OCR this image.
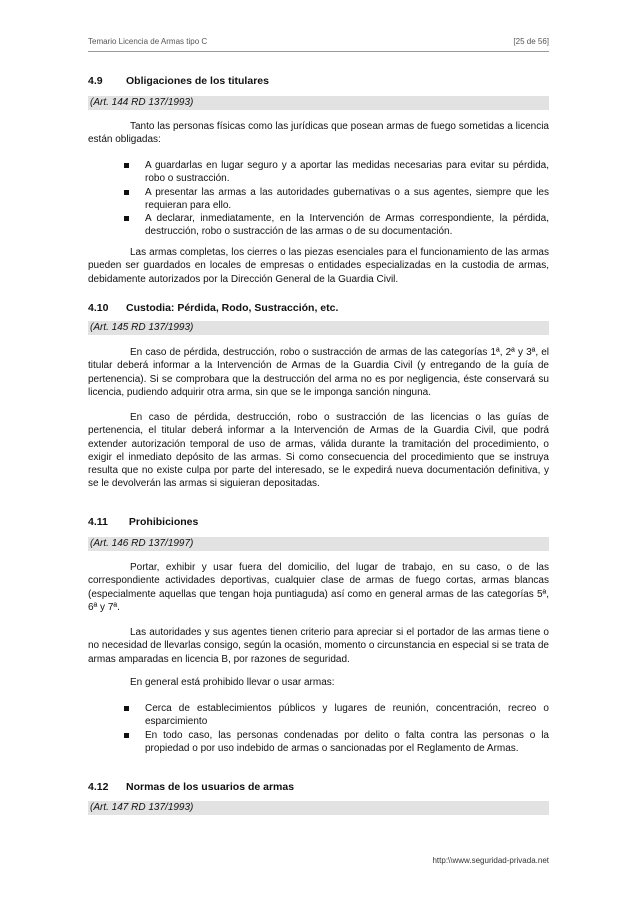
Temario Licencia de Armas tipo C	[25 de 56]
4.9 Obligaciones de los titulares
(Art. 144 RD 137/1993)
Tanto las personas físicas como las jurídicas que posean armas de fuego sometidas a licencia están obligadas:
A guardarlas en lugar seguro y a aportar las medidas necesarias para evitar su pérdida, robo o sustracción.
A presentar las armas a las autoridades gubernativas o a sus agentes, siempre que les requieran para ello.
A declarar, inmediatamente, en la Intervención de Armas correspondiente, la pérdida, destrucción, robo o sustracción de las armas o de su documentación.
Las armas completas, los cierres o las piezas esenciales para el funcionamiento de las armas pueden ser guardados en locales de empresas o entidades especializadas en la custodia de armas, debidamente autorizados por la Dirección General de la Guardia Civil.
4.10 Custodia: Pérdida, Rodo, Sustracción, etc.
(Art. 145 RD 137/1993)
En caso de pérdida, destrucción, robo o sustracción de armas de las categorías 1ª, 2ª y 3ª, el titular deberá informar a la Intervención de Armas de la Guardia Civil (y entregando de la guía de pertenencia). Si se comprobara que la destrucción del arma no es por negligencia, éste conservará su licencia, pudiendo adquirir otra arma, sin que se le imponga sanción ninguna.
En caso de pérdida, destrucción, robo o sustracción de las licencias o las guías de pertenencia, el titular deberá informar a la Intervención de Armas de la Guardia Civil, que podrá extender autorización temporal de uso de armas, válida durante la tramitación del procedimiento, o exigir el inmediato depósito de las armas. Si como consecuencia del procedimiento que se instruya resulta que no existe culpa por parte del interesado, se le expedirá nueva documentación definitiva, y se le devolverán las armas si siguieran depositadas.
4.11 Prohibiciones
(Art. 146 RD 137/1997)
Portar, exhibir y usar fuera del domicilio, del lugar de trabajo, en su caso, o de las correspondiente actividades deportivas, cualquier clase de armas de fuego cortas, armas blancas (especialmente aquellas que tengan hoja puntiaguda) así como en general armas de las categorías 5ª, 6ª y 7ª.
Las autoridades y sus agentes tienen criterio para apreciar si el portador de las armas tiene o no necesidad de llevarlas consigo, según la ocasión, momento o circunstancia en especial si se trata de armas amparadas en licencia B, por razones de seguridad.
En general está prohibido llevar o usar armas:
Cerca de establecimientos públicos y lugares de reunión, concentración, recreo o esparcimiento
En todo caso, las personas condenadas por delito o falta contra las personas o la propiedad o por uso indebido de armas o sancionadas por el Reglamento de Armas.
4.12 Normas de los usuarios de armas
(Art. 147 RD 137/1993)
http:\\www.seguridad-privada.net
